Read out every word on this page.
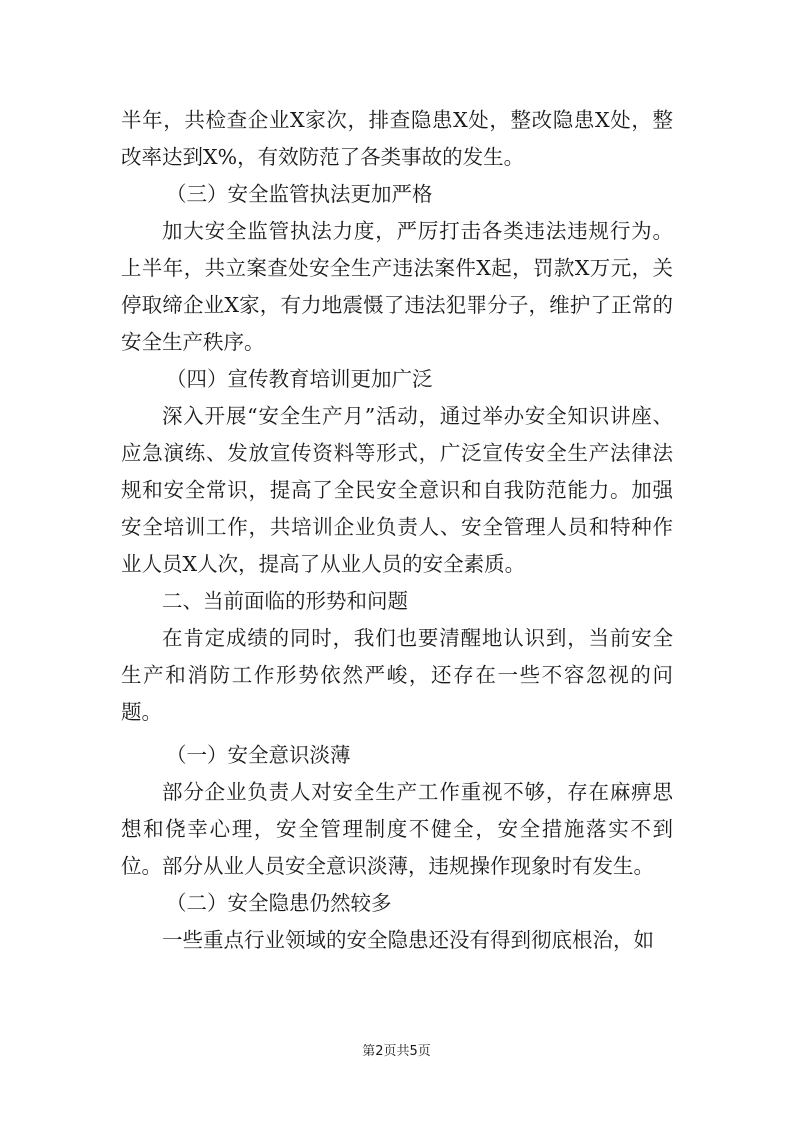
半年，共检查企业X家次，排查隐患X处，整改隐患X处，整改率达到X%，有效防范了各类事故的发生。

（三）安全监管执法更加严格

加大安全监管执法力度，严厉打击各类违法违规行为。上半年，共立案查处安全生产违法案件X起，罚款X万元，关停取缔企业X家，有力地震慑了违法犯罪分子，维护了正常的安全生产秩序。

（四）宣传教育培训更加广泛

深入开展“安全生产月”活动，通过举办安全知识讲座、应急演练、发放宣传资料等形式，广泛宣传安全生产法律法规和安全常识，提高了全民安全意识和自我防范能力。加强安全培训工作，共培训企业负责人、安全管理人员和特种作业人员X人次，提高了从业人员的安全素质。

二、当前面临的形势和问题

在肯定成绩的同时，我们也要清醒地认识到，当前安全生产和消防工作形势依然严峻，还存在一些不容忽视的问题。

（一）安全意识淡薄

部分企业负责人对安全生产工作重视不够，存在麻痹思想和侥幸心理，安全管理制度不健全，安全措施落实不到位。部分从业人员安全意识淡薄，违规操作现象时有发生。

（二）安全隐患仍然较多

一些重点行业领域的安全隐患还没有得到彻底根治，如

第2页共5页
